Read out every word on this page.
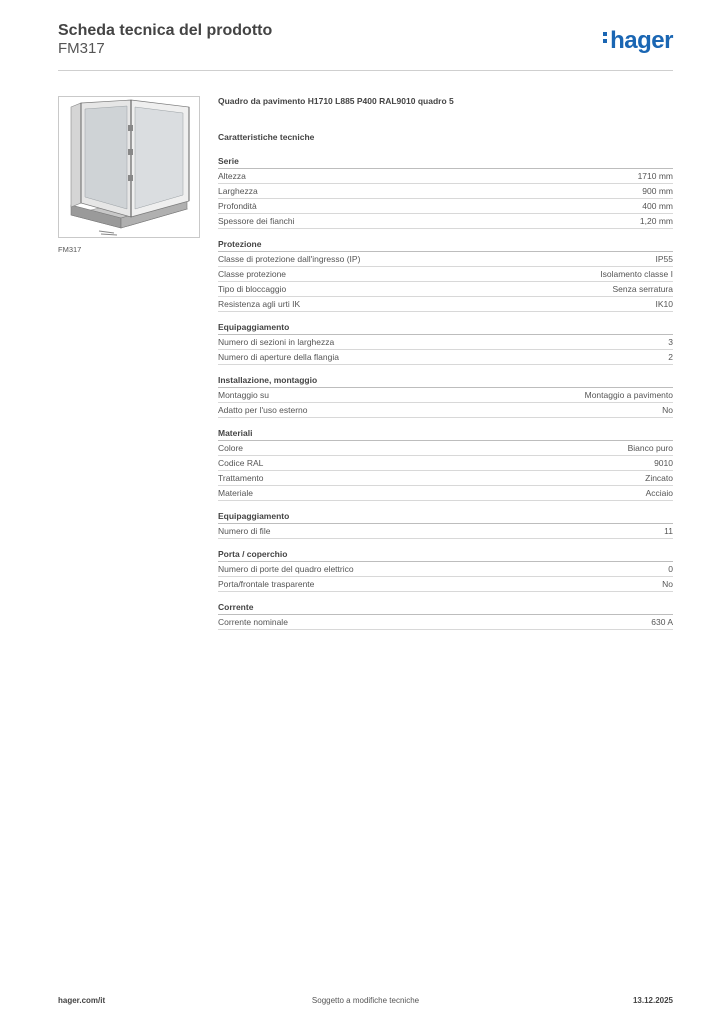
Scheda tecnica del prodotto
FM317	hager
FM317
Quadro da pavimento H1710 L885 P400 RAL9010 quadro 5
Caratteristiche tecniche
Serie
Altezza	1710 mm
Larghezza	900 mm
Profondità	400 mm
Spessore dei fianchi	1,20 mm
Protezione
Classe di protezione dall'ingresso (IP)	IP55
Classe protezione	Isolamento classe I
Tipo di bloccaggio	Senza serratura
Resistenza agli urti IK	IK10
Equipaggiamento
Numero di sezioni in larghezza	3
Numero di aperture della flangia	2
Installazione, montaggio
Montaggio su	Montaggio a pavimento
Adatto per l'uso esterno	No
Materiali
Colore	Bianco puro
Codice RAL	9010
Trattamento	Zincato
Materiale	Acciaio
Equipaggiamento
Numero di file	11
Porta / coperchio
Numero di porte del quadro elettrico	0
Porta/frontale trasparente	No
Corrente
Corrente nominale	630 A
hager.com/it	Soggetto a modifiche tecniche	13.12.2025
